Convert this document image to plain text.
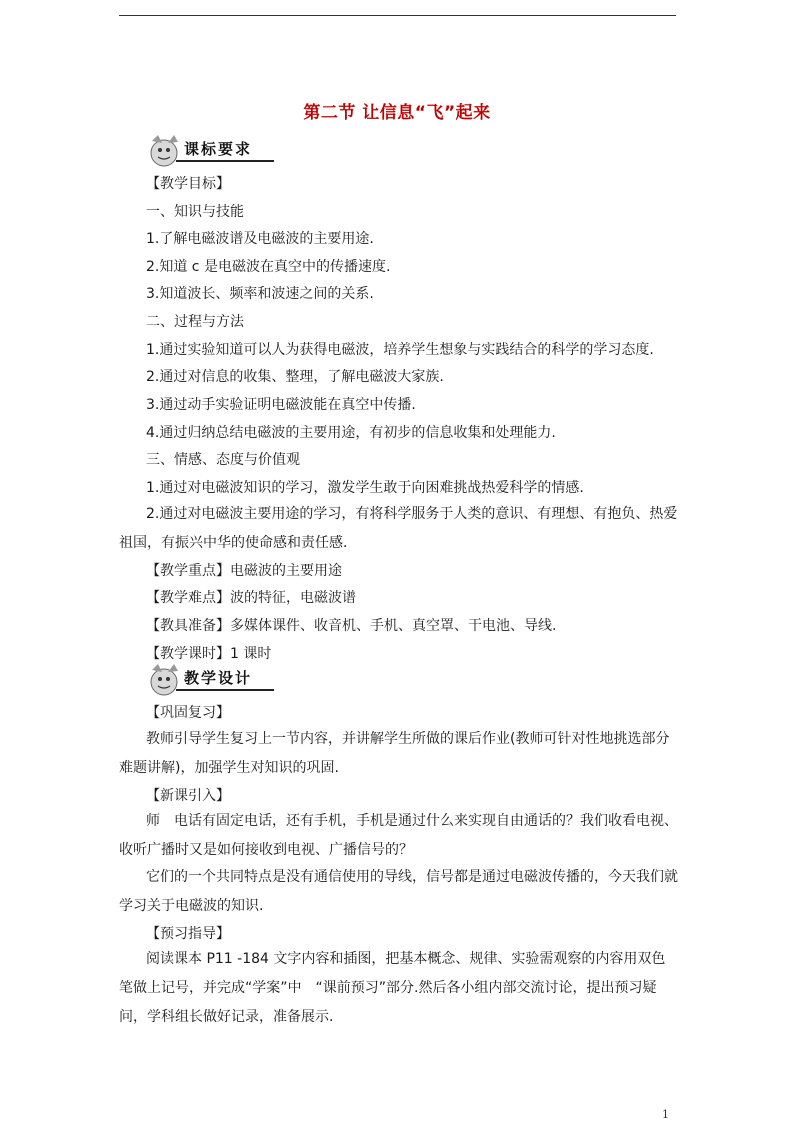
第二节 让信息“飞”起来
课标要求
【教学目标】
一、知识与技能
1.了解电磁波谱及电磁波的主要用途.
2.知道 c 是电磁波在真空中的传播速度.
3.知道波长、频率和波速之间的关系.
二、过程与方法
1.通过实验知道可以人为获得电磁波，培养学生想象与实践结合的科学的学习态度.
2.通过对信息的收集、整理，了解电磁波大家族.
3.通过动手实验证明电磁波能在真空中传播.
4.通过归纳总结电磁波的主要用途，有初步的信息收集和处理能力.
三、情感、态度与价值观
1.通过对电磁波知识的学习，激发学生敢于向困难挑战热爱科学的情感.
2.通过对电磁波主要用途的学习，有将科学服务于人类的意识、有理想、有抱负、热爱祖国，有振兴中华的使命感和责任感.
【教学重点】电磁波的主要用途
【教学难点】波的特征，电磁波谱
【教具准备】多媒体课件、收音机、手机、真空罩、干电池、导线.
【教学课时】1 课时
教学设计
【巩固复习】
教师引导学生复习上一节内容，并讲解学生所做的课后作业(教师可针对性地挑选部分难题讲解)，加强学生对知识的巩固.
【新课引入】
师　电话有固定电话，还有手机，手机是通过什么来实现自由通话的？我们收看电视、收听广播时又是如何接收到电视、广播信号的？
它们的一个共同特点是没有通信使用的导线，信号都是通过电磁波传播的，今天我们就学习关于电磁波的知识.
【预习指导】
阅读课本 P11 -184 文字内容和插图，把基本概念、规律、实验需观察的内容用双色笔做上记号，并完成“学案”中　“课前预习”部分.然后各小组内部交流讨论，提出预习疑问，学科组长做好记录，准备展示.
1
